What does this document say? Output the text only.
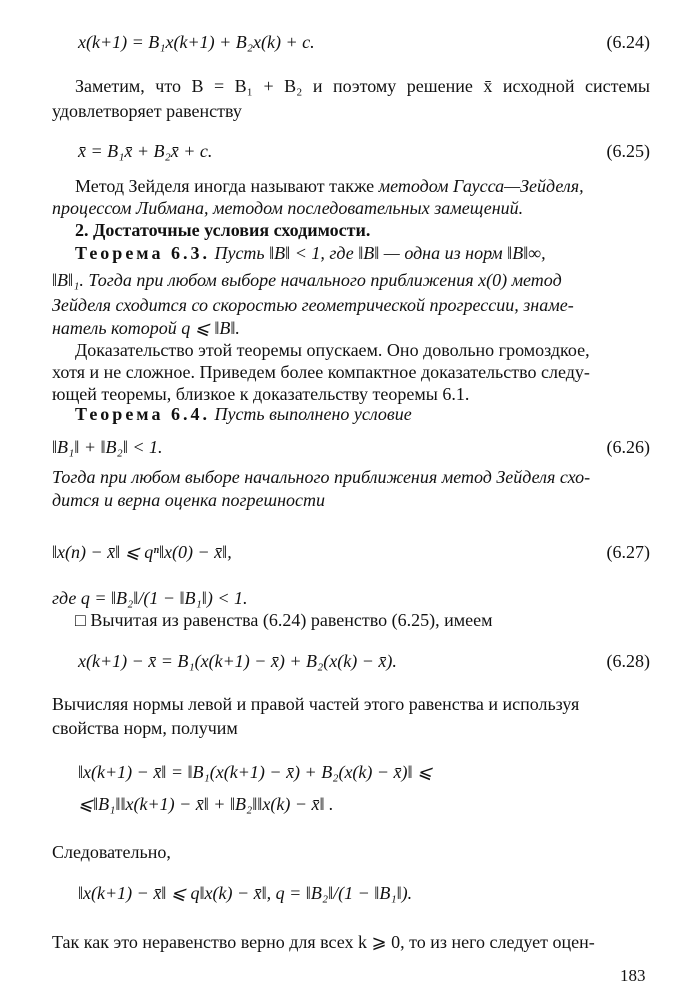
x(k+1) = B₁x(k+1) + B₂x(k) + c.	(6.24)
Заметим, что B = B₁ + B₂ и поэтому решение x̄ исходной системы
удовлетворяет равенству
x̄ = B₁x̄ + B₂x̄ + c.	(6.25)
Метод Зейделя иногда называют также методом Гаусса—Зейделя,
процессом Либмана, методом последовательных замещений.
2. Достаточные условия сходимости.
Теорема 6.3. Пусть ‖B‖ < 1, где ‖B‖ — одна из норм ‖B‖∞,
‖B‖₁. Тогда при любом выборе начального приближения x(0) метод
Зейделя сходится со скоростью геометрической прогрессии, знаме-
натель которой q ⩽ ‖B‖.
Доказательство этой теоремы опускаем. Оно довольно громоздкое,
хотя и не сложное. Приведем более компактное доказательство следу-
ющей теоремы, близкое к доказательству теоремы 6.1.
Теорема 6.4. Пусть выполнено условие
‖B₁‖ + ‖B₂‖ < 1.	(6.26)
Тогда при любом выборе начального приближения метод Зейделя схо-
дится и верна оценка погрешности
‖x(n) − x̄‖ ⩽ qⁿ‖x(0) − x̄‖,	(6.27)
где q = ‖B₂‖/(1 − ‖B₁‖) < 1.
□ Вычитая из равенства (6.24) равенство (6.25), имеем
x(k+1) − x̄ = B₁(x(k+1) − x̄) + B₂(x(k) − x̄).	(6.28)
Вычисляя нормы левой и правой частей этого равенства и используя
свойства норм, получим
‖x(k+1) − x̄‖ = ‖B₁(x(k+1) − x̄) + B₂(x(k) − x̄)‖ ⩽
⩽‖B₁‖‖x(k+1) − x̄‖ + ‖B₂‖‖x(k) − x̄‖ .
Следовательно,
‖x(k+1) − x̄‖ ⩽ q‖x(k) − x̄‖, q = ‖B₂‖/(1 − ‖B₁‖).
Так как это неравенство верно для всех k ⩾ 0, то из него следует оцен-
183
